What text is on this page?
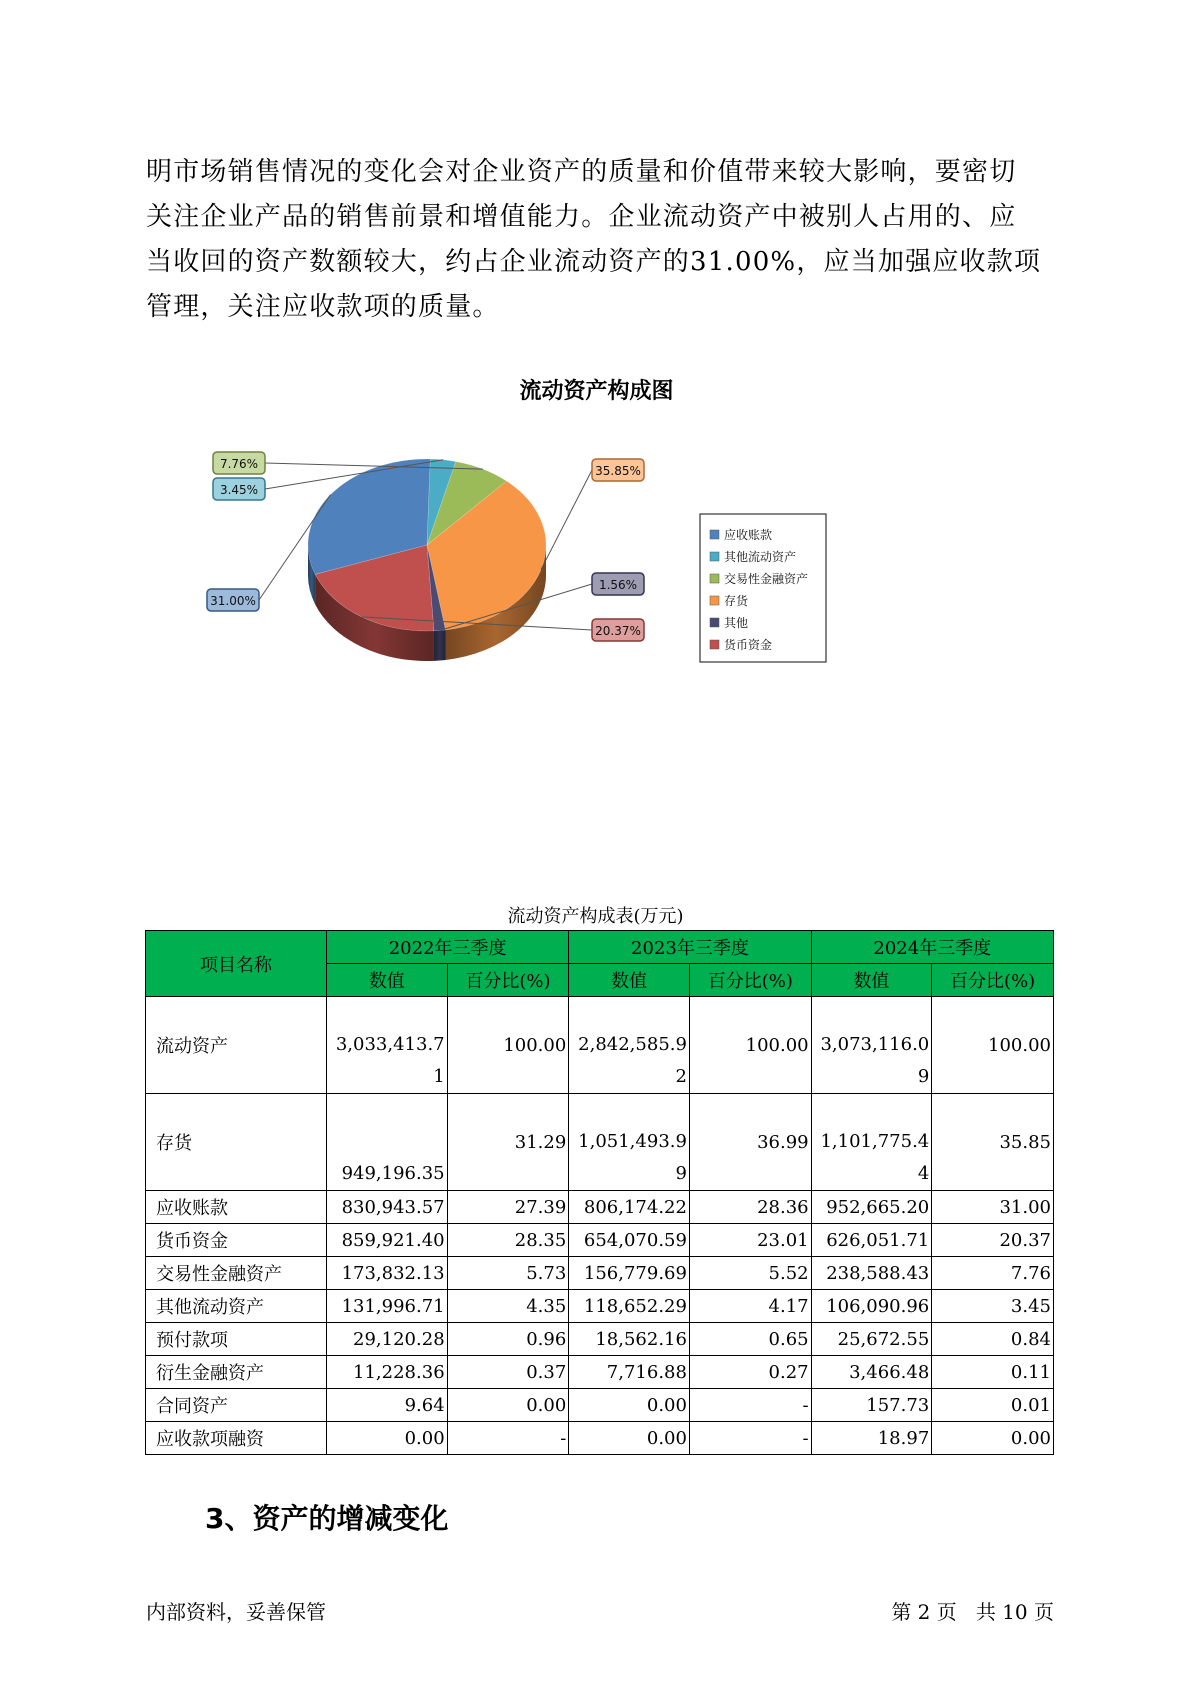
明市场销售情况的变化会对企业资产的质量和价值带来较大影响，要密切
关注企业产品的销售前景和增值能力。企业流动资产中被别人占用的、应
当收回的资产数额较大，约占企业流动资产的31.00%，应当加强应收款项
管理，关注应收款项的质量。
流动资产构成图
31.00%
3.45%
7.76%	35.85%
1.56%
20.37%
应收账款
其他流动资产
交易性金融资产
存货
其他
货币资金
流动资产构成表(万元)
项目名称	2022年三季度		2023年三季度		2024年三季度	
	数值	百分比(%)	数值	百分比(%)	数值	百分比(%)
流动资产	3,033,413.71	100.00	2,842,585.92	100.00	3,073,116.09	100.00
存货	949,196.35	31.29	1,051,493.99	36.99	1,101,775.44	35.85
应收账款	830,943.57	27.39	806,174.22	28.36	952,665.20	31.00
货币资金	859,921.40	28.35	654,070.59	23.01	626,051.71	20.37
交易性金融资产	173,832.13	5.73	156,779.69	5.52	238,588.43	7.76
其他流动资产	131,996.71	4.35	118,652.29	4.17	106,090.96	3.45
预付款项	29,120.28	0.96	18,562.16	0.65	25,672.55	0.84
衍生金融资产	11,228.36	0.37	7,716.88	0.27	3,466.48	0.11
合同资产	9.64	0.00	0.00	-	157.73	0.01
应收款项融资	0.00	-	0.00	-	18.97	0.00
3、资产的增减变化
内部资料，妥善保管	第 2 页   共 10 页
